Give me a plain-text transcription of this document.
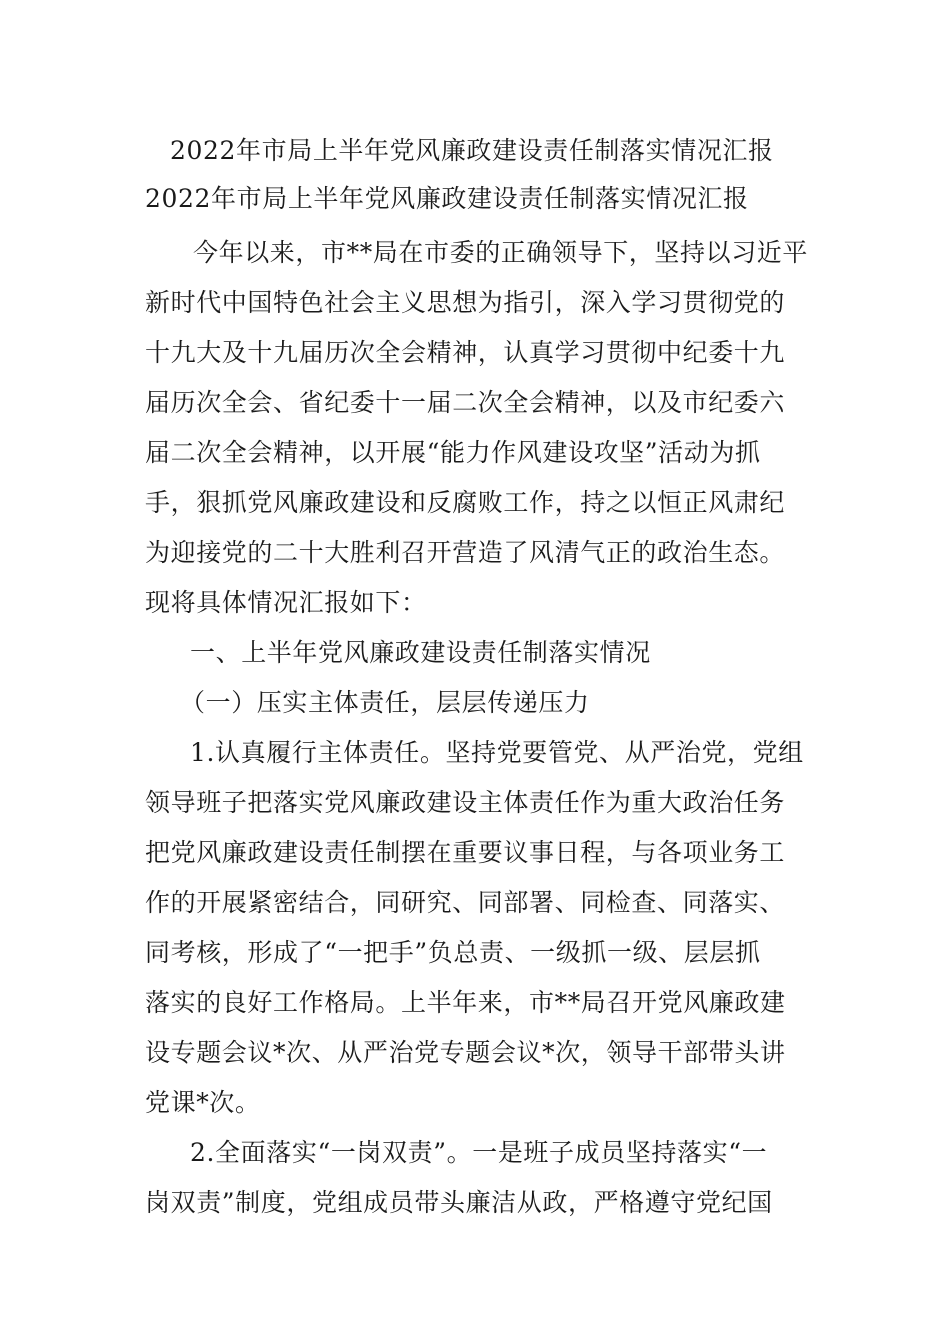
2022年市局上半年党风廉政建设责任制落实情况汇报
2022年市局上半年党风廉政建设责任制落实情况汇报
今年以来，市**局在市委的正确领导下，坚持以习近平
新时代中国特色社会主义思想为指引，深入学习贯彻党的
十九大及十九届历次全会精神，认真学习贯彻中纪委十九
届历次全会、省纪委十一届二次全会精神，以及市纪委六
届二次全会精神，以开展“能力作风建设攻坚”活动为抓
手，狠抓党风廉政建设和反腐败工作，持之以恒正风肃纪
为迎接党的二十大胜利召开营造了风清气正的政治生态。
现将具体情况汇报如下：
一、上半年党风廉政建设责任制落实情况
（一）压实主体责任，层层传递压力
1.认真履行主体责任。坚持党要管党、从严治党，党组
领导班子把落实党风廉政建设主体责任作为重大政治任务
把党风廉政建设责任制摆在重要议事日程，与各项业务工
作的开展紧密结合，同研究、同部署、同检查、同落实、
同考核，形成了“一把手”负总责、一级抓一级、层层抓
落实的良好工作格局。上半年来，市**局召开党风廉政建
设专题会议*次、从严治党专题会议*次，领导干部带头讲
党课*次。
2.全面落实“一岗双责”。一是班子成员坚持落实“一
岗双责”制度，党组成员带头廉洁从政，严格遵守党纪国
